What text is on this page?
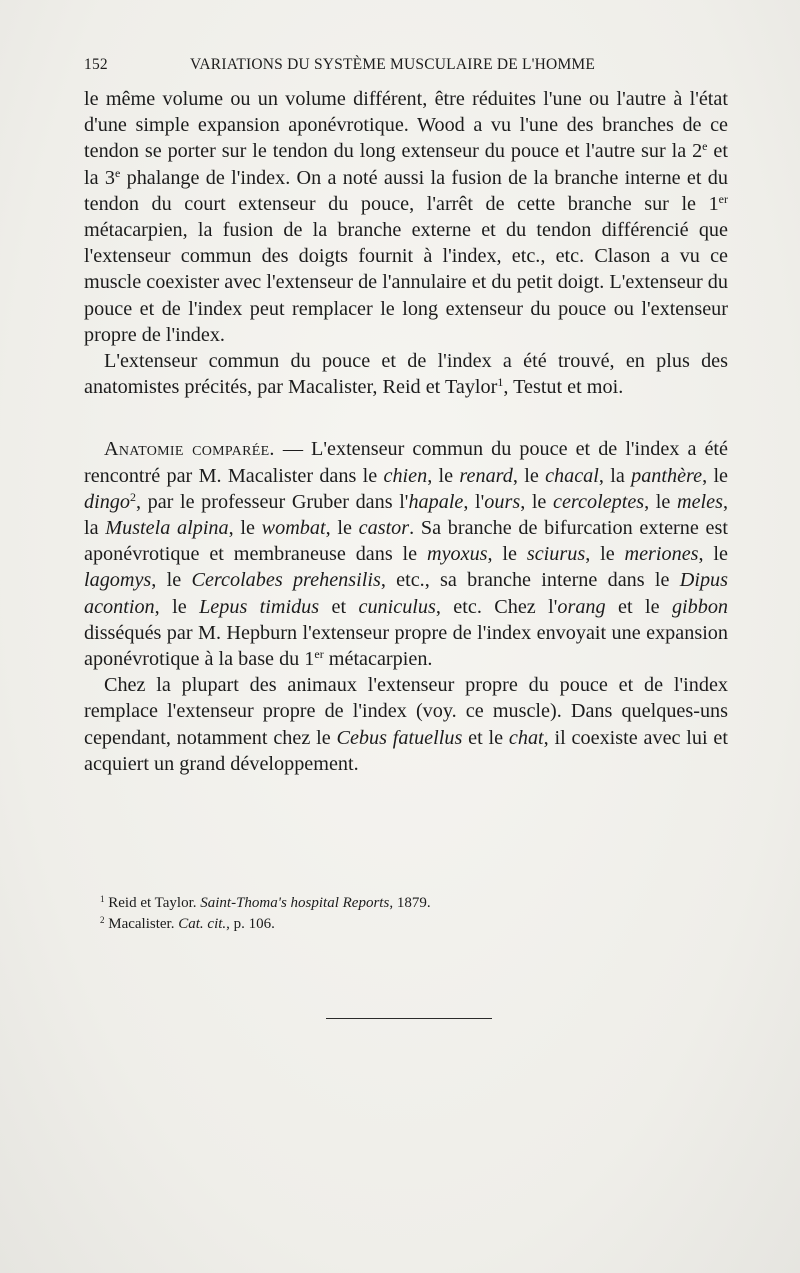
152	VARIATIONS DU SYSTÈME MUSCULAIRE DE L'HOMME

le même volume ou un volume différent, être réduites l'une ou l'autre à l'état d'une simple expansion aponévrotique. Wood a vu l'une des branches de ce tendon se porter sur le tendon du long extenseur du pouce et l'autre sur la 2e et la 3e phalange de l'index. On a noté aussi la fusion de la branche interne et du tendon du court extenseur du pouce, l'arrêt de cette branche sur le 1er métacarpien, la fusion de la branche externe et du tendon différencié que l'extenseur commun des doigts fournit à l'index, etc., etc. Clason a vu ce muscle coexister avec l'extenseur de l'annulaire et du petit doigt. L'extenseur du pouce et de l'index peut remplacer le long extenseur du pouce ou l'extenseur propre de l'index.

L'extenseur commun du pouce et de l'index a été trouvé, en plus des anatomistes précités, par Macalister, Reid et Taylor$^1$, Testut et moi.

Anatomie comparée. — L'extenseur commun du pouce et de l'index a été rencontré par M. Macalister dans le chien, le renard, le chacal, la panthère, le dingo$^2$, par le professeur Gruber dans l'hapale, l'ours, le cercoleptes, le meles, la Mustela alpina, le wombat, le castor. Sa branche de bifurcation externe est aponévrotique et membraneuse dans le myoxus, le sciurus, le meriones, le lagomys, le Cercolabes prehensilis, etc., sa branche interne dans le Dipus acontion, le Lepus timidus et cuniculus, etc. Chez l'orang et le gibbon disséqués par M. Hepburn l'extenseur propre de l'index envoyait une expansion aponévrotique à la base du 1er métacarpien.

Chez la plupart des animaux l'extenseur propre du pouce et de l'index remplace l'extenseur propre de l'index (voy. ce muscle). Dans quelques-uns cependant, notamment chez le Cebus fatuellus et le chat, il coexiste avec lui et acquiert un grand développement.

$^1$ Reid et Taylor. Saint-Thoma's hospital Reports, 1879.
$^2$ Macalister. Cat. cit., p. 106.
